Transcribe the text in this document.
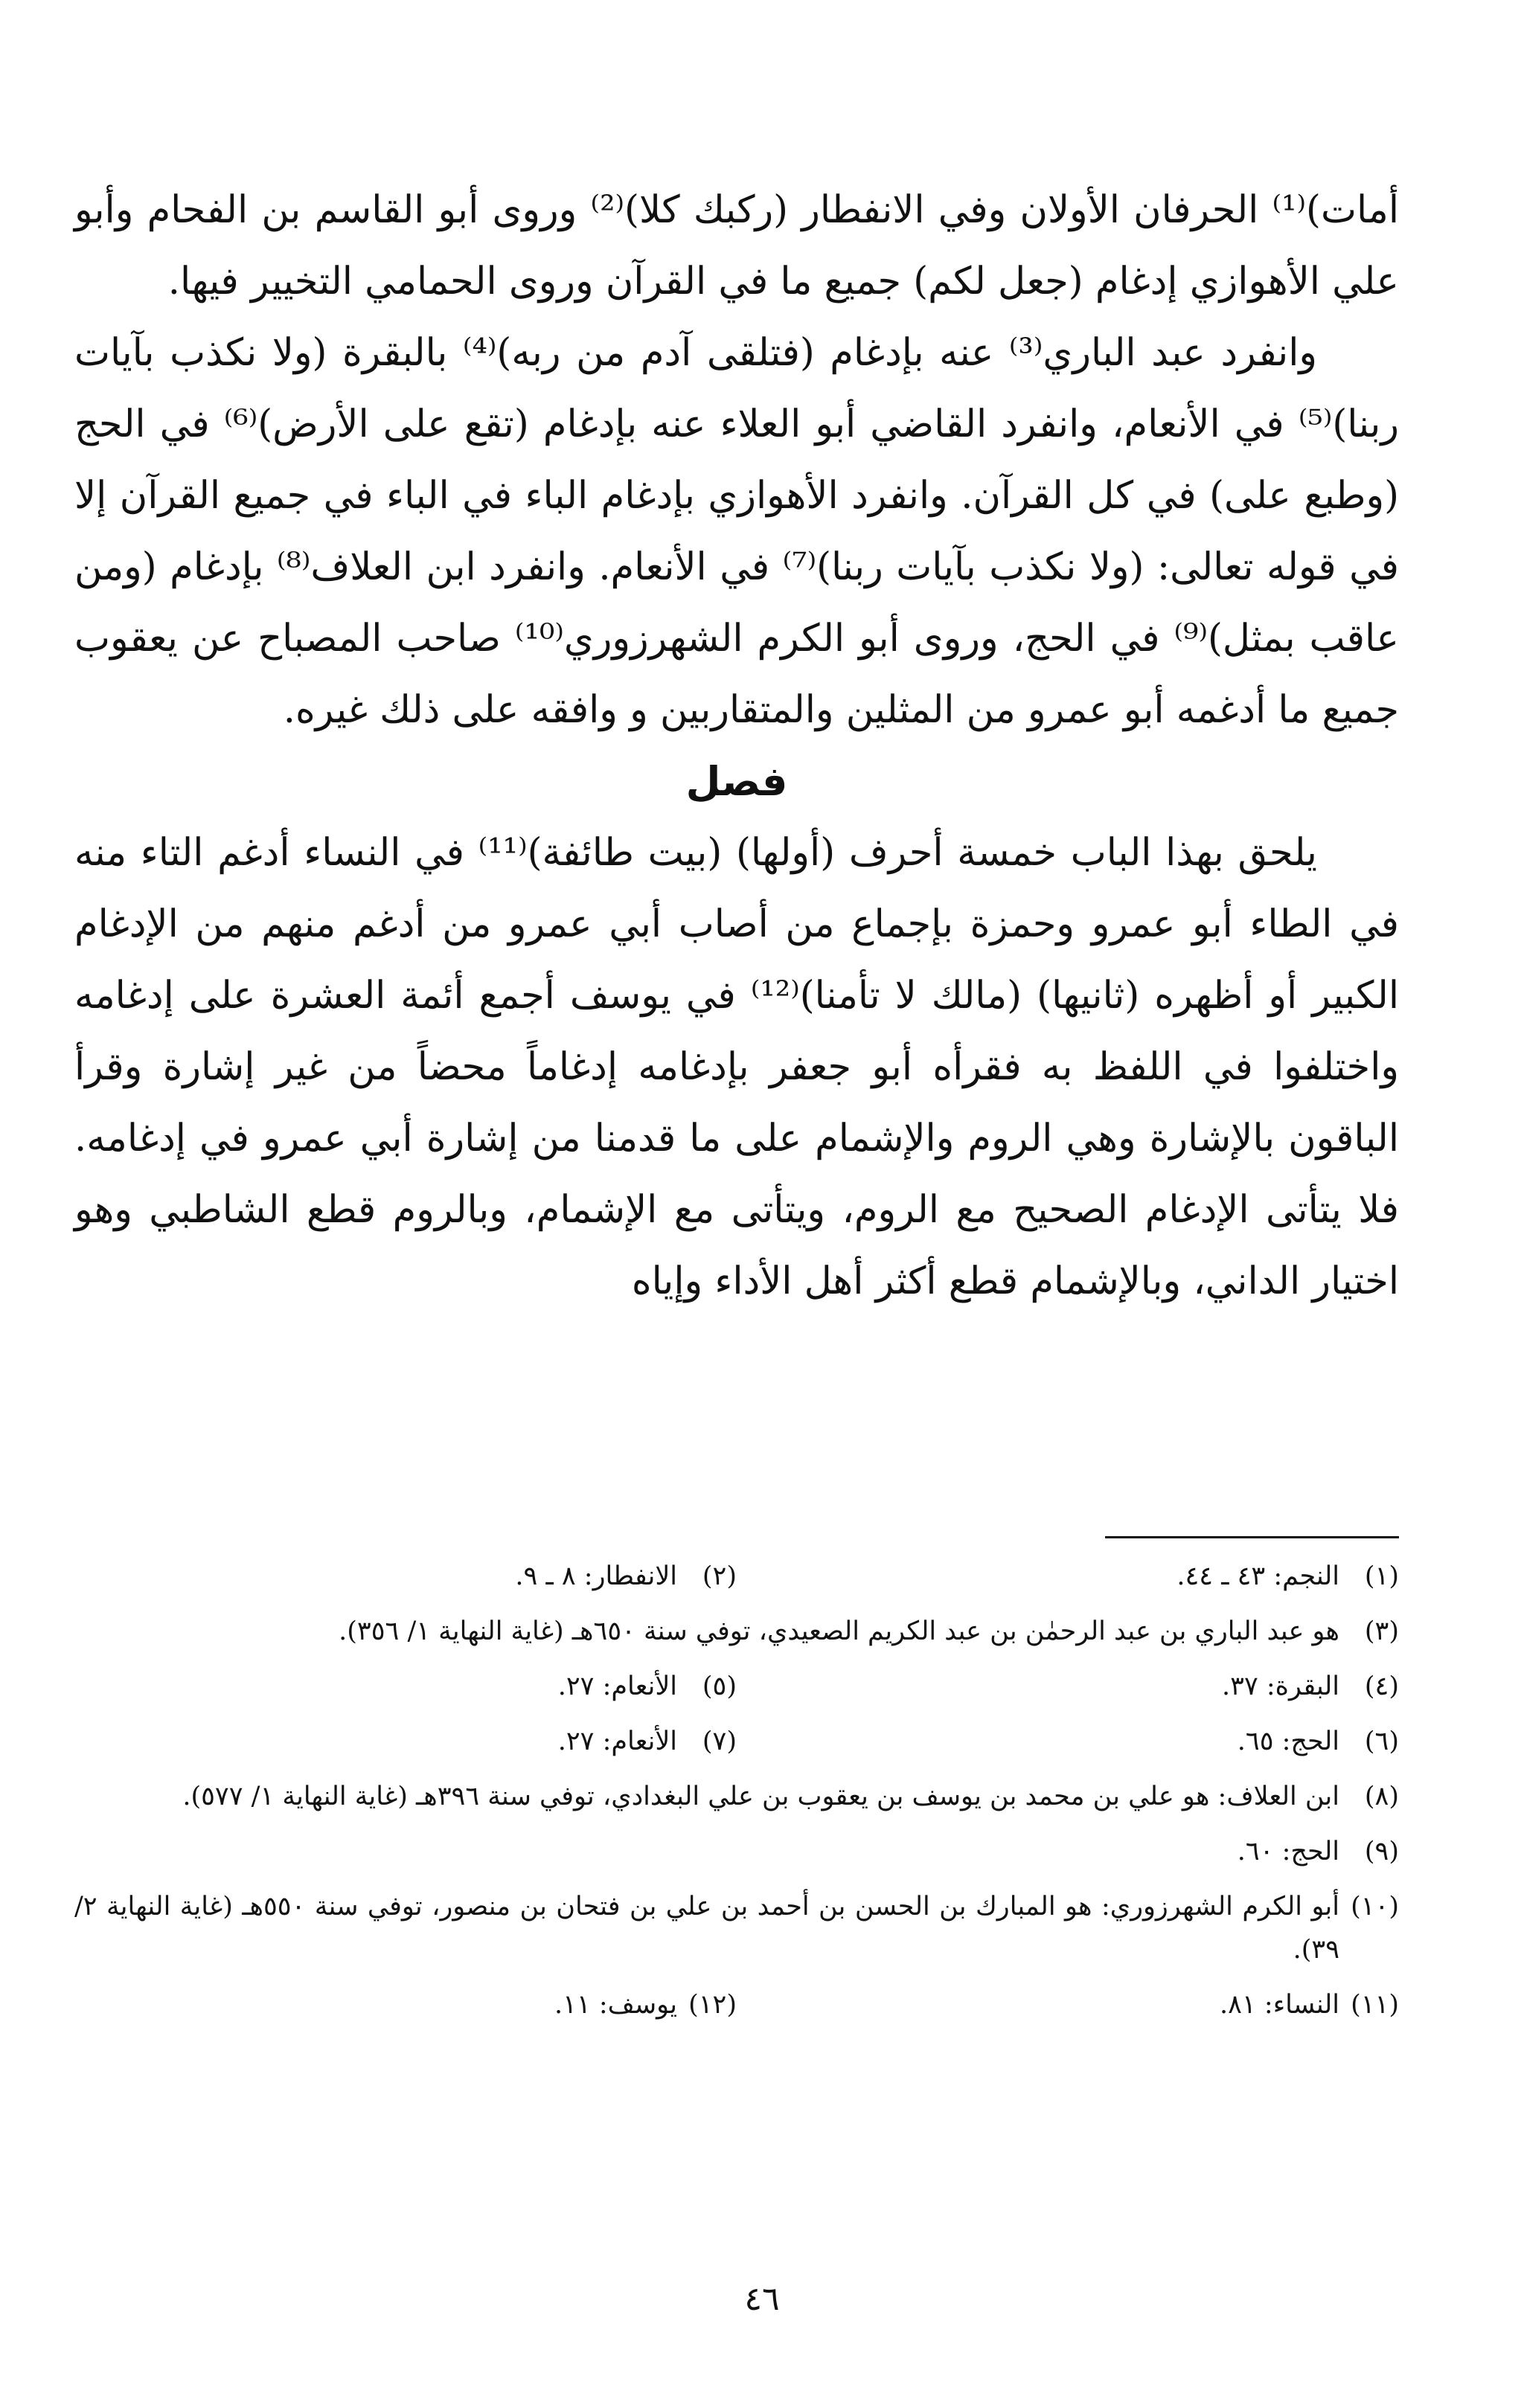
أمات)⁽¹⁾ الحرفان الأولان وفي الانفطار (ركبك كلا)⁽²⁾ وروى أبو القاسم بن الفحام وأبو علي الأهوازي إدغام (جعل لكم) جميع ما في القرآن وروى الحمامي التخيير فيها.

وانفرد عبد الباري⁽³⁾ عنه بإدغام (فتلقى آدم من ربه)⁽⁴⁾ بالبقرة (ولا نكذب بآيات ربنا)⁽⁵⁾ في الأنعام، وانفرد القاضي أبو العلاء عنه بإدغام (تقع على الأرض)⁽⁶⁾ في الحج (وطبع على) في كل القرآن. وانفرد الأهوازي بإدغام الباء في الباء في جميع القرآن إلا في قوله تعالى: (ولا نكذب بآيات ربنا)⁽⁷⁾ في الأنعام. وانفرد ابن العلاف⁽⁸⁾ بإدغام (ومن عاقب بمثل)⁽⁹⁾ في الحج، وروى أبو الكرم الشهرزوري⁽¹⁰⁾ صاحب المصباح عن يعقوب جميع ما أدغمه أبو عمرو من المثلين والمتقاربين و وافقه على ذلك غيره.

فصل

يلحق بهذا الباب خمسة أحرف (أولها) (بيت طائفة)⁽¹¹⁾ في النساء أدغم التاء منه في الطاء أبو عمرو وحمزة بإجماع من أصاب أبي عمرو من أدغم منهم من الإدغام الكبير أو أظهره (ثانيها) (مالك لا تأمنا)⁽¹²⁾ في يوسف أجمع أئمة العشرة على إدغامه واختلفوا في اللفظ به فقرأه أبو جعفر بإدغامه إدغاماً محضاً من غير إشارة وقرأ الباقون بالإشارة وهي الروم والإشمام على ما قدمنا من إشارة أبي عمرو في إدغامه. فلا يتأتى الإدغام الصحيح مع الروم، ويتأتى مع الإشمام، وبالروم قطع الشاطبي وهو اختيار الداني، وبالإشمام قطع أكثر أهل الأداء وإياه

(١)
النجم: ٤٣ ـ ٤٤.
(٢)
الانفطار: ٨ ـ ٩.
(٣)
هو عبد الباري بن عبد الرحمٰن بن عبد الكريم الصعيدي، توفي سنة ٦٥٠هـ (غاية النهاية ١/ ٣٥٦).
(٤)
البقرة: ٣٧.
(٥)
الأنعام: ٢٧.
(٦)
الحج: ٦٥.
(٧)
الأنعام: ٢٧.
(٨)
ابن العلاف: هو علي بن محمد بن يوسف بن يعقوب بن علي البغدادي، توفي سنة ٣٩٦هـ (غاية النهاية ١/ ٥٧٧).
(٩)
الحج: ٦٠.
(١٠)
أبو الكرم الشهرزوري: هو المبارك بن الحسن بن أحمد بن علي بن فتحان بن منصور، توفي سنة ٥٥٠هـ (غاية النهاية ٢/ ٣٩).
(١١)
النساء: ٨١.
(١٢)
يوسف: ١١.
٤٦
